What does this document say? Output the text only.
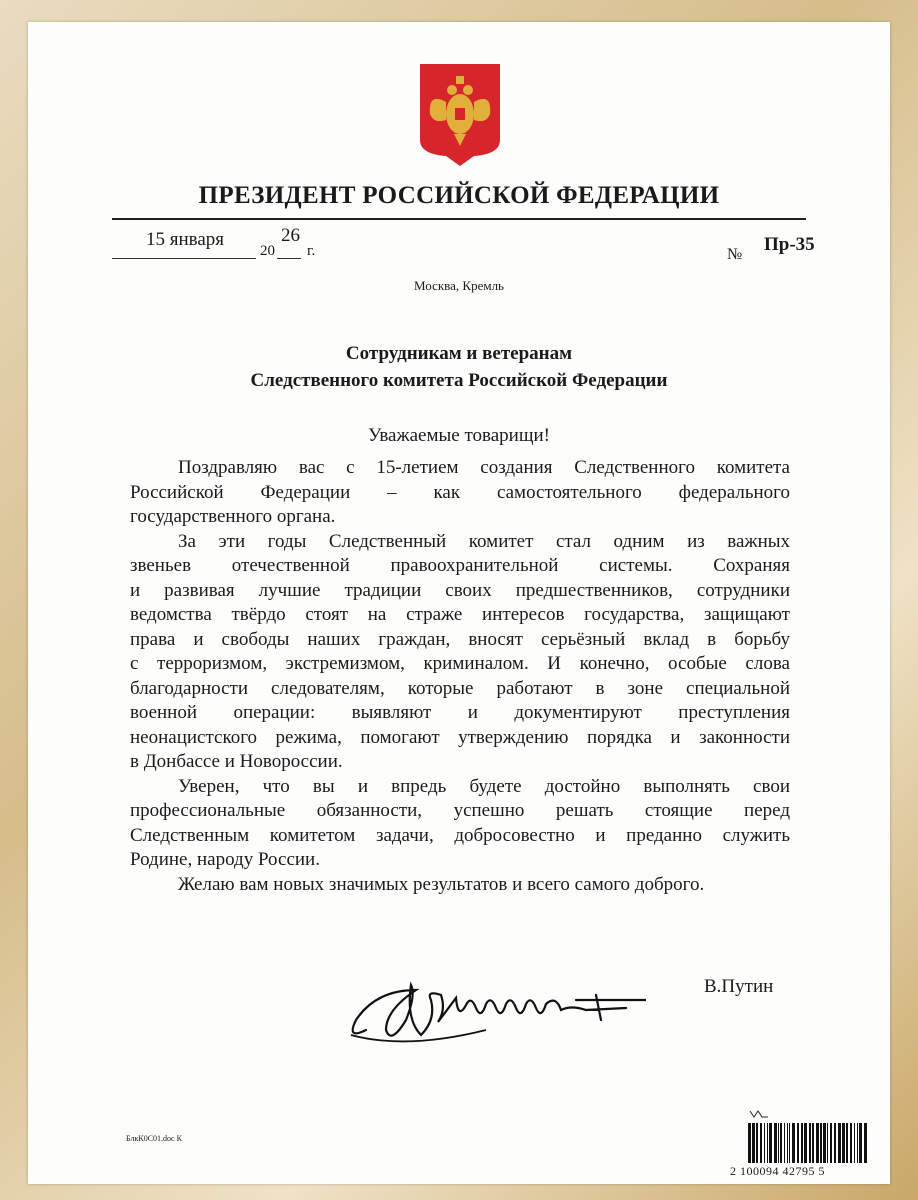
ПРЕЗИДЕНТ РОССИЙСКОЙ ФЕДЕРАЦИИ
15 января
20
26
г.	№ Пр-35
Москва, Кремль
Сотрудникам и ветеранам
Следственного комитета Российской Федерации
Уважаемые товарищи!
Поздравляю вас с 15-летием создания Следственного комитета
Российской Федерации – как самостоятельного федерального
государственного органа.
За эти годы Следственный комитет стал одним из важных
звеньев отечественной правоохранительной системы. Сохраняя
и развивая лучшие традиции своих предшественников, сотрудники
ведомства твёрдо стоят на страже интересов государства, защищают
права и свободы наших граждан, вносят серьёзный вклад в борьбу
с терроризмом, экстремизмом, криминалом. И конечно, особые слова
благодарности следователям, которые работают в зоне специальной
военной операции: выявляют и документируют преступления
неонацистского режима, помогают утверждению порядка и законности
в Донбассе и Новороссии.
Уверен, что вы и впредь будете достойно выполнять свои
профессиональные обязанности, успешно решать стоящие перед
Следственным комитетом задачи, добросовестно и преданно служить
Родине, народу России.
Желаю вам новых значимых результатов и всего самого доброго.
В.Путин
БлкК0С01.doc К
2 100094 42795 5
